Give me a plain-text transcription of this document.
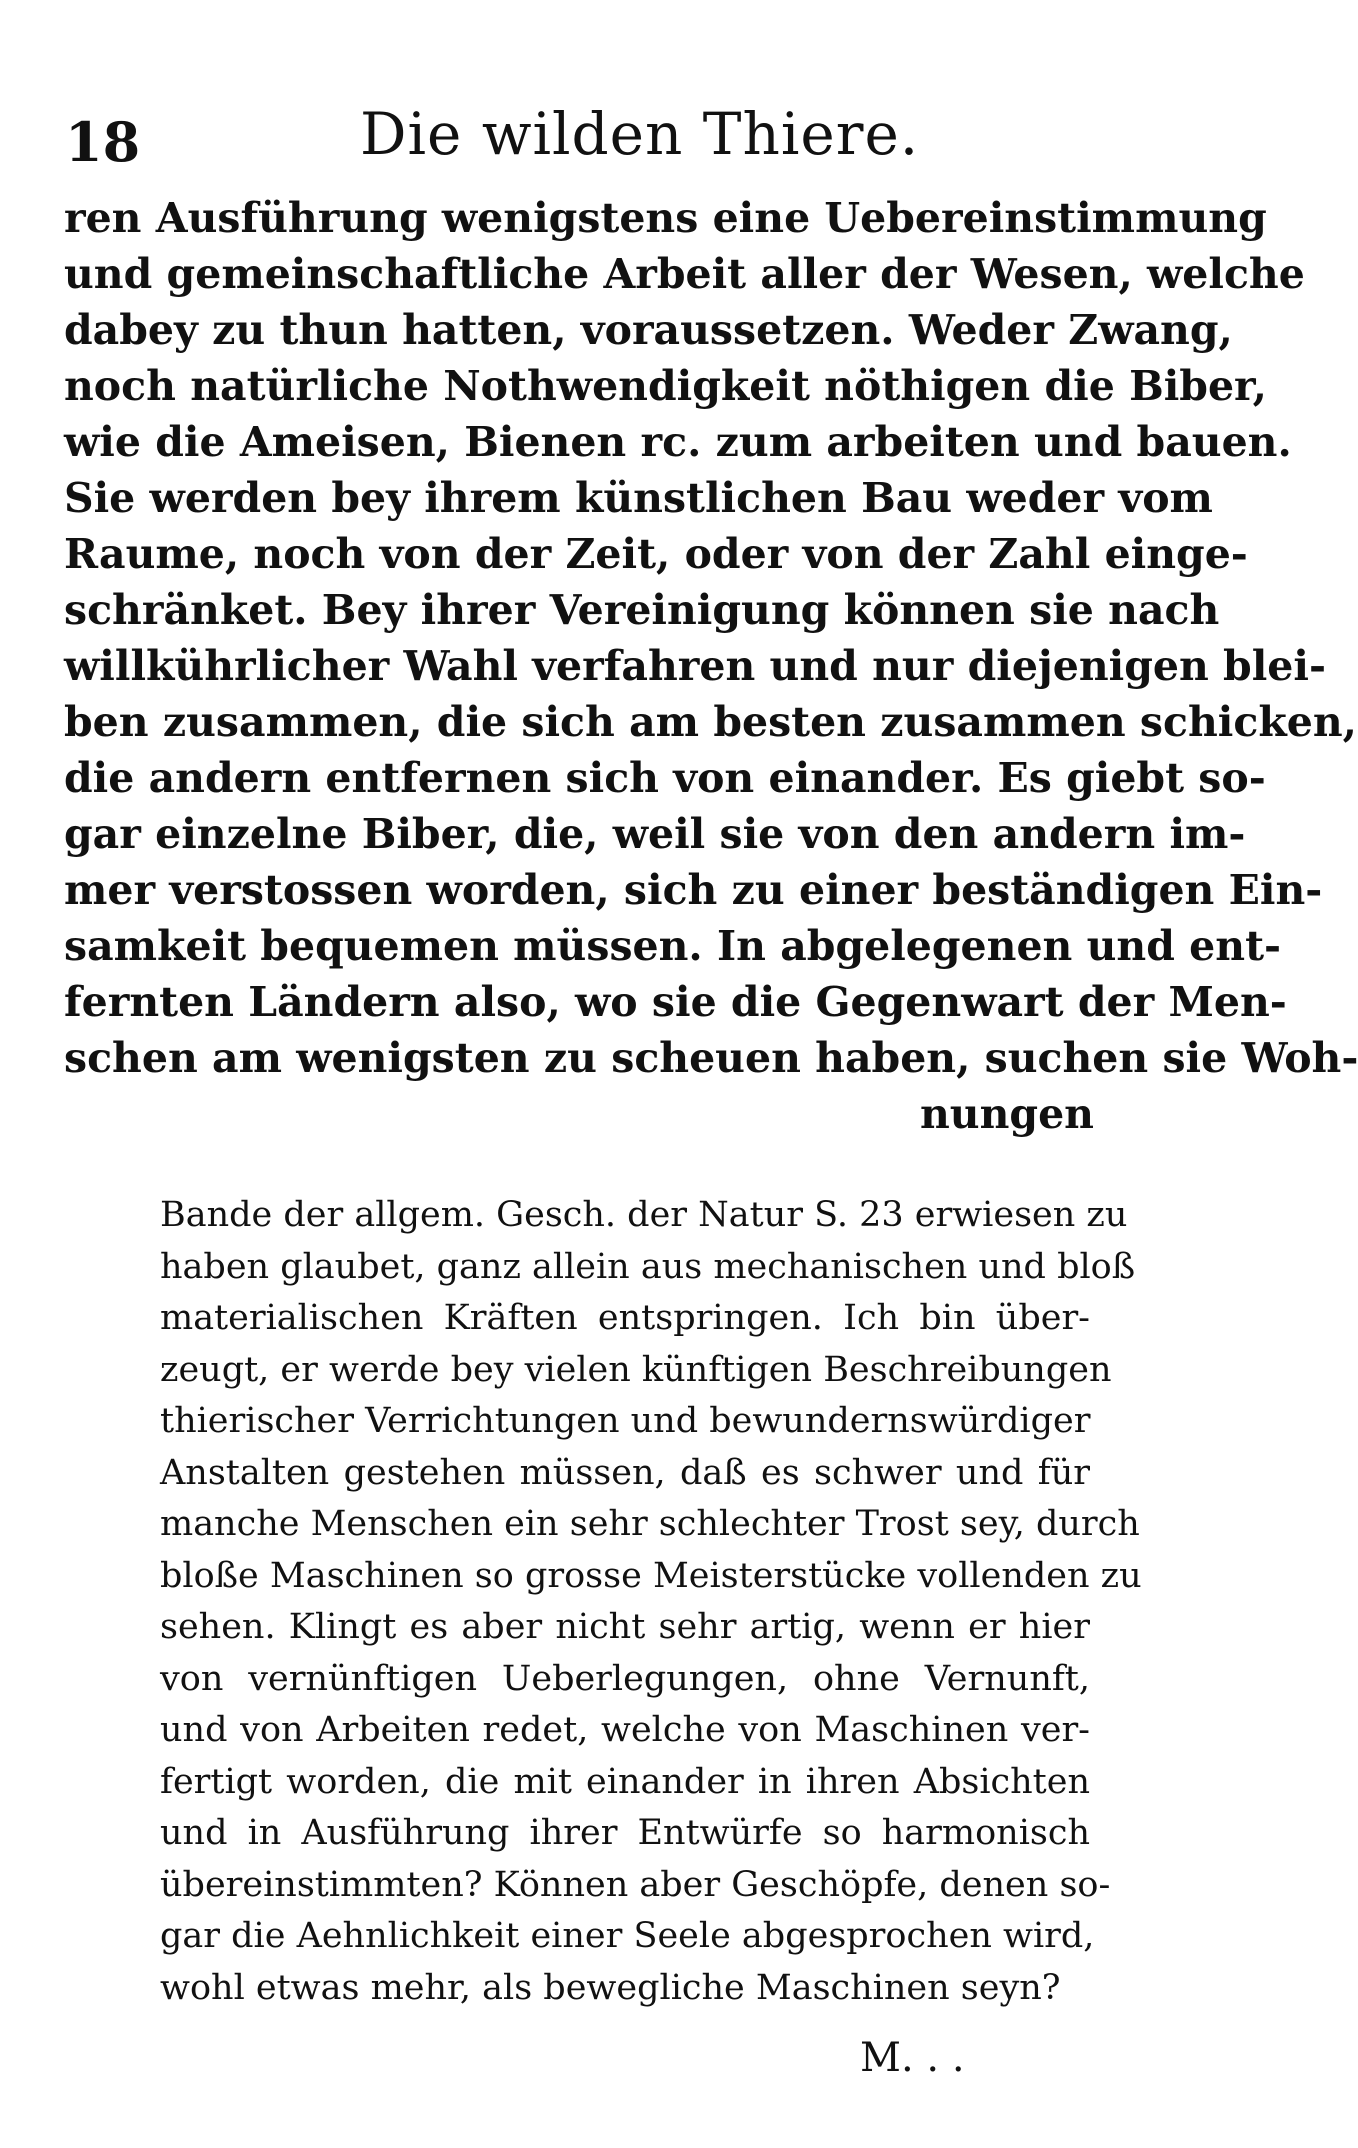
18	Die wilden Thiere.
ren Ausführung wenigstens eine Uebereinstimmung
und gemeinschaftliche Arbeit aller der Wesen, welche
dabey zu thun hatten, voraussetzen. Weder Zwang,
noch natürliche Nothwendigkeit nöthigen die Biber,
wie die Ameisen, Bienen rc. zum arbeiten und bauen.
Sie werden bey ihrem künstlichen Bau weder vom
Raume, noch von der Zeit, oder von der Zahl einge-
schränket. Bey ihrer Vereinigung können sie nach
willkührlicher Wahl verfahren und nur diejenigen blei-
ben zusammen, die sich am besten zusammen schicken,
die andern entfernen sich von einander. Es giebt so-
gar einzelne Biber, die, weil sie von den andern im-
mer verstossen worden, sich zu einer beständigen Ein-
samkeit bequemen müssen. In abgelegenen und ent-
fernten Ländern also, wo sie die Gegenwart der Men-
schen am wenigsten zu scheuen haben, suchen sie Woh-
nungen
Bande der allgem. Gesch. der Natur S. 23 erwiesen zu
haben glaubet, ganz allein aus mechanischen und bloß
materialischen Kräften entspringen. Ich bin über-
zeugt, er werde bey vielen künftigen Beschreibungen
thierischer Verrichtungen und bewundernswürdiger
Anstalten gestehen müssen, daß es schwer und für
manche Menschen ein sehr schlechter Trost sey, durch
bloße Maschinen so grosse Meisterstücke vollenden zu
sehen. Klingt es aber nicht sehr artig, wenn er hier
von vernünftigen Ueberlegungen, ohne Vernunft,
und von Arbeiten redet, welche von Maschinen ver-
fertigt worden, die mit einander in ihren Absichten
und in Ausführung ihrer Entwürfe so harmonisch
übereinstimmten? Können aber Geschöpfe, denen so-
gar die Aehnlichkeit einer Seele abgesprochen wird,
wohl etwas mehr, als bewegliche Maschinen seyn?
M. . .
